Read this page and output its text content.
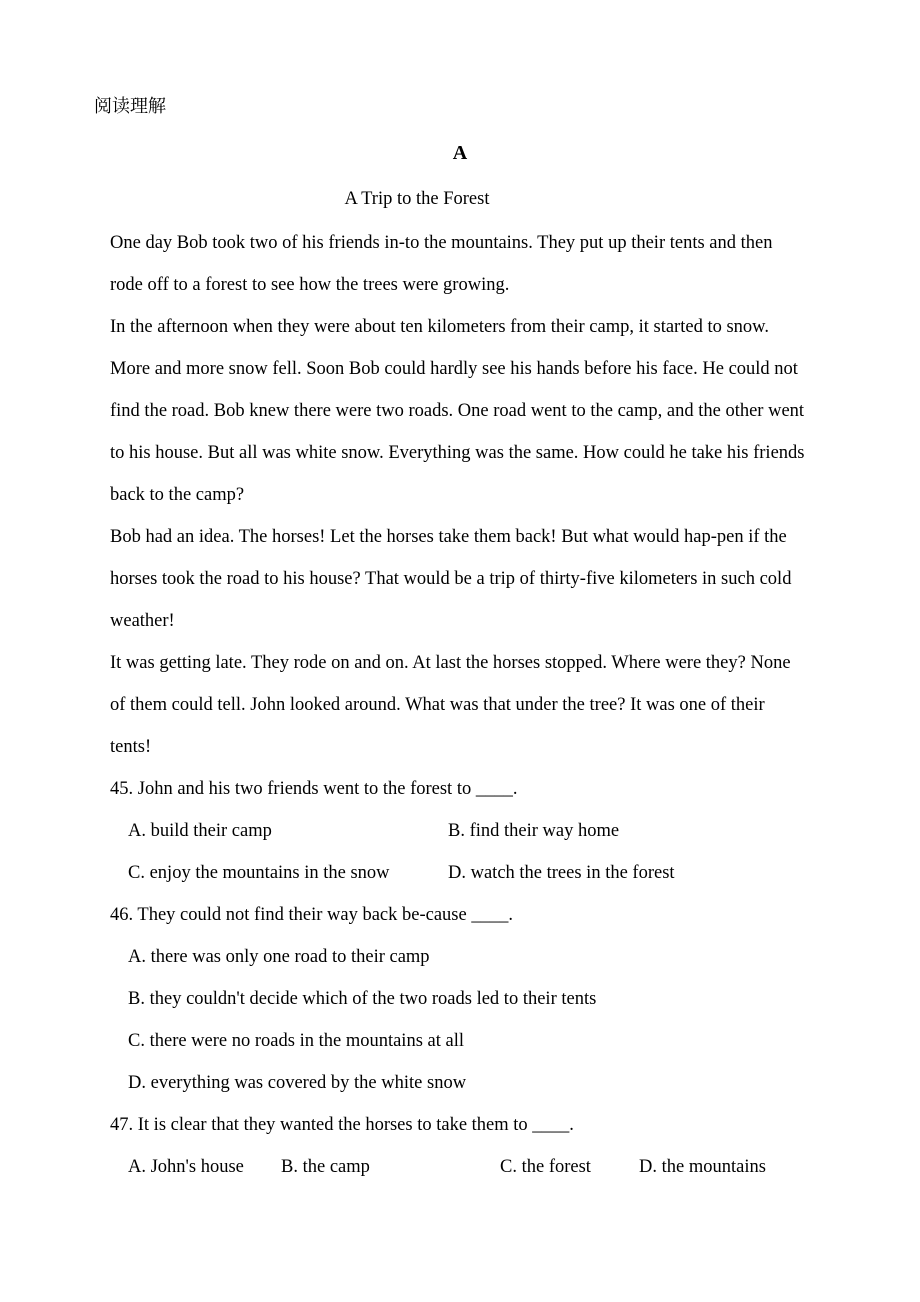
阅读理解
A
A Trip to the Forest
One day Bob took two of his friends in-to the mountains. They put up their tents and then
rode off to a forest to see how the trees were growing.
In the afternoon when they were about ten kilometers from their camp, it started to snow.
More and more snow fell. Soon Bob could hardly see his hands before his face. He could not
find the road. Bob knew there were two roads. One road went to the camp, and the other went
to his house. But all was white snow. Everything was the same. How could he take his friends
back to the camp?
Bob had an idea. The horses! Let the horses take them back! But what would hap-pen if the
horses took the road to his house? That would be a trip of thirty-five kilometers in such cold
weather!
It was getting late. They rode on and on. At last the horses stopped. Where were they? None
of them could tell. John looked around. What was that under the tree? It was one of their
tents!
45. John and his two friends went to the forest to ____.
A. build their camp	B. find their way home
C. enjoy the mountains in the snow	D. watch the trees in the forest
46. They could not find their way back be-cause ____.
A. there was only one road to their camp
B. they couldn't decide which of the two roads led to their tents
C. there were no roads in the mountains at all
D. everything was covered by the white snow
47. It is clear that they wanted the horses to take them to ____.
A. John's house B. the camp	C. the forest	D. the mountains
